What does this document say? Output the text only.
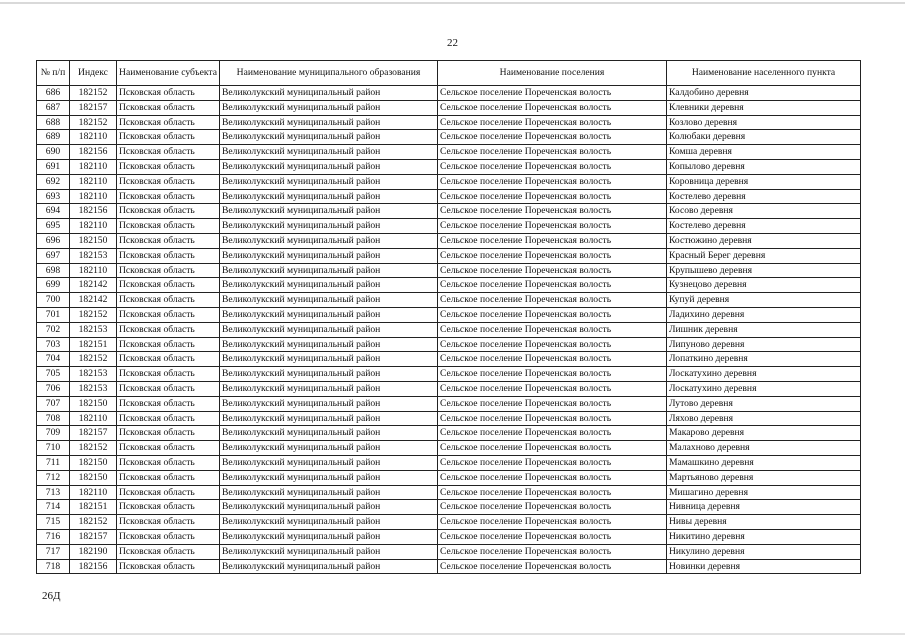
22
№ п/п	Индекс	Наименование субъекта	Наименование муниципального образования	Наименование поселения	Наименование населенного пункта
686	182152	Псковская область	Великолукский муниципальный район	Сельское поселение Пореченская волость	Калдобино деревня
687	182157	Псковская область	Великолукский муниципальный район	Сельское поселение Пореченская волость	Клевники деревня
688	182152	Псковская область	Великолукский муниципальный район	Сельское поселение Пореченская волость	Козлово деревня
689	182110	Псковская область	Великолукский муниципальный район	Сельское поселение Пореченская волость	Колюбаки деревня
690	182156	Псковская область	Великолукский муниципальный район	Сельское поселение Пореченская волость	Комша деревня
691	182110	Псковская область	Великолукский муниципальный район	Сельское поселение Пореченская волость	Копылово деревня
692	182110	Псковская область	Великолукский муниципальный район	Сельское поселение Пореченская волость	Коровница деревня
693	182110	Псковская область	Великолукский муниципальный район	Сельское поселение Пореченская волость	Костелево деревня
694	182156	Псковская область	Великолукский муниципальный район	Сельское поселение Пореченская волость	Косово деревня
695	182110	Псковская область	Великолукский муниципальный район	Сельское поселение Пореченская волость	Костелево деревня
696	182150	Псковская область	Великолукский муниципальный район	Сельское поселение Пореченская волость	Костюжино деревня
697	182153	Псковская область	Великолукский муниципальный район	Сельское поселение Пореченская волость	Красный Берег деревня
698	182110	Псковская область	Великолукский муниципальный район	Сельское поселение Пореченская волость	Крупышево деревня
699	182142	Псковская область	Великолукский муниципальный район	Сельское поселение Пореченская волость	Кузнецово деревня
700	182142	Псковская область	Великолукский муниципальный район	Сельское поселение Пореченская волость	Купуй деревня
701	182152	Псковская область	Великолукский муниципальный район	Сельское поселение Пореченская волость	Ладихино деревня
702	182153	Псковская область	Великолукский муниципальный район	Сельское поселение Пореченская волость	Лишник деревня
703	182151	Псковская область	Великолукский муниципальный район	Сельское поселение Пореченская волость	Липуново деревня
704	182152	Псковская область	Великолукский муниципальный район	Сельское поселение Пореченская волость	Лопаткино деревня
705	182153	Псковская область	Великолукский муниципальный район	Сельское поселение Пореченская волость	Лоскатухино деревня
706	182153	Псковская область	Великолукский муниципальный район	Сельское поселение Пореченская волость	Лоскатухино деревня
707	182150	Псковская область	Великолукский муниципальный район	Сельское поселение Пореченская волость	Лутово деревня
708	182110	Псковская область	Великолукский муниципальный район	Сельское поселение Пореченская волость	Ляхово деревня
709	182157	Псковская область	Великолукский муниципальный район	Сельское поселение Пореченская волость	Макарово деревня
710	182152	Псковская область	Великолукский муниципальный район	Сельское поселение Пореченская волость	Малахново деревня
711	182150	Псковская область	Великолукский муниципальный район	Сельское поселение Пореченская волость	Мамашкино деревня
712	182150	Псковская область	Великолукский муниципальный район	Сельское поселение Пореченская волость	Мартьяново деревня
713	182110	Псковская область	Великолукский муниципальный район	Сельское поселение Пореченская волость	Мишагино деревня
714	182151	Псковская область	Великолукский муниципальный район	Сельское поселение Пореченская волость	Нивница деревня
715	182152	Псковская область	Великолукский муниципальный район	Сельское поселение Пореченская волость	Нивы деревня
716	182157	Псковская область	Великолукский муниципальный район	Сельское поселение Пореченская волость	Никитино деревня
717	182190	Псковская область	Великолукский муниципальный район	Сельское поселение Пореченская волость	Никулино деревня
718	182156	Псковская область	Великолукский муниципальный район	Сельское поселение Пореченская волость	Новинки деревня
26Д
